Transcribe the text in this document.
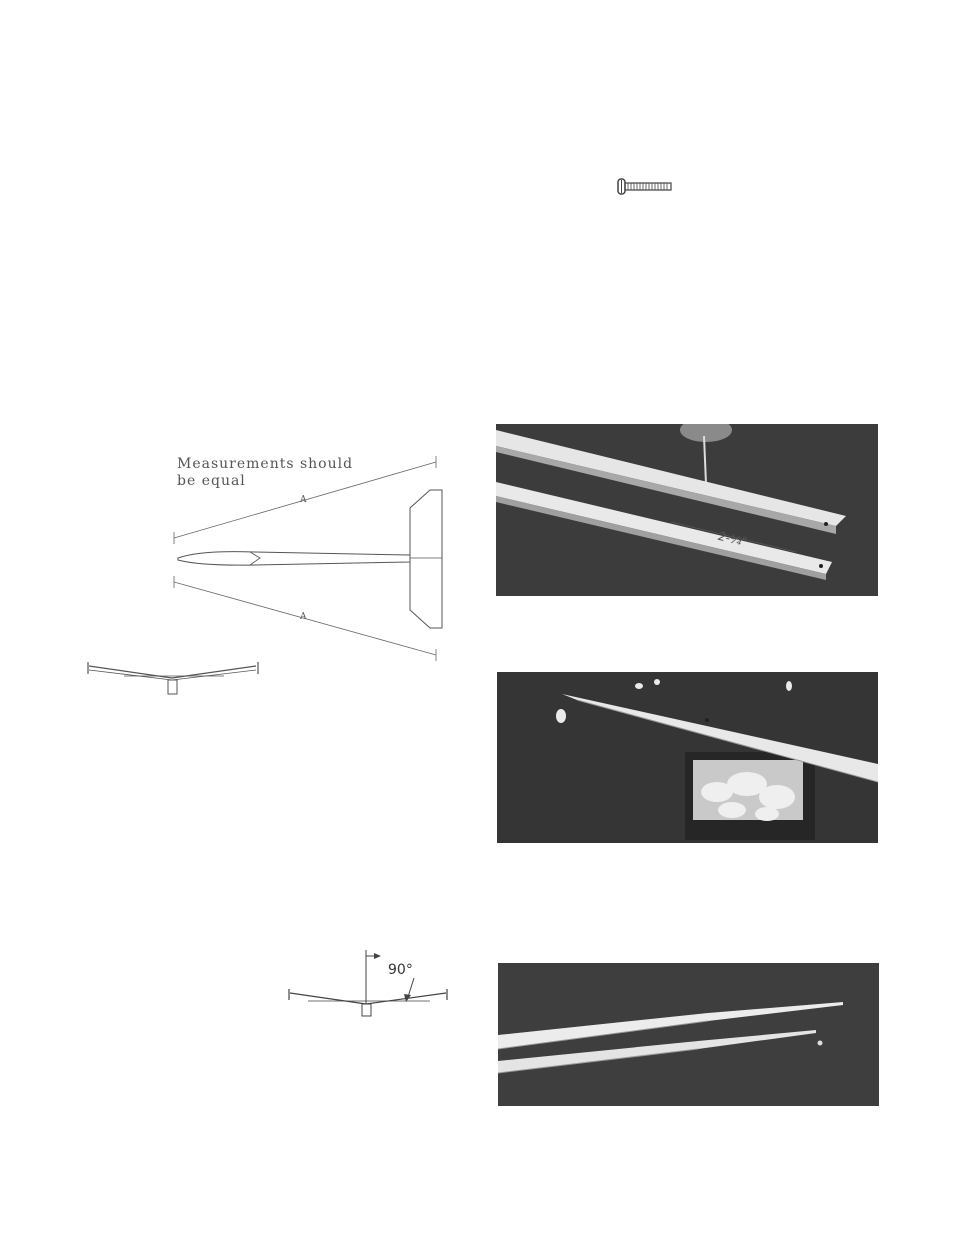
Measurements should
be equal
A
A
90°
2-¼"
